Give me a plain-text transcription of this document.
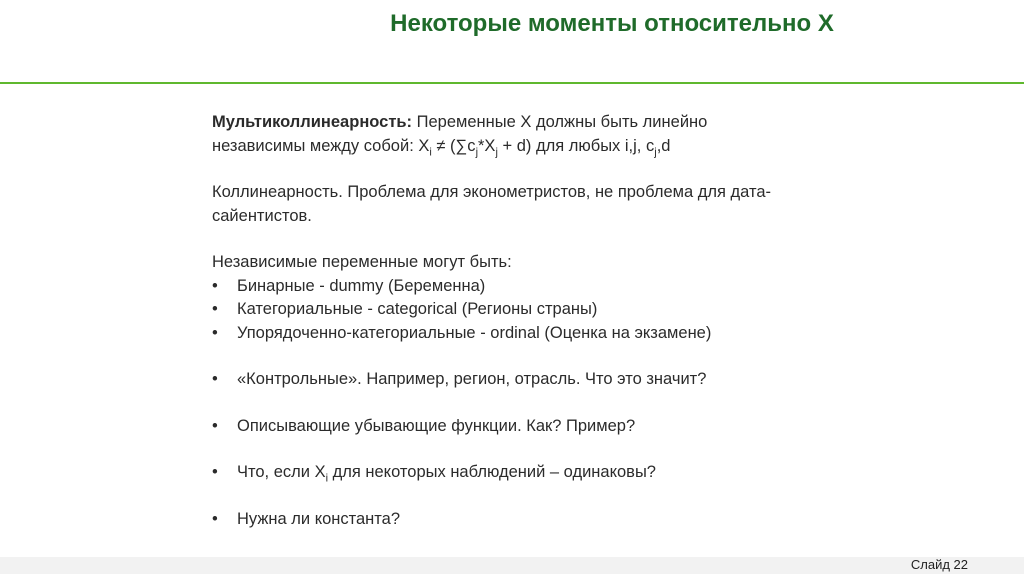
Некоторые моменты относительно X

Мультиколлинеарность: Переменные X должны быть линейно

независимы между собой: $X_i \ne (\sum c_j*X_j + d)$ для любых i,j, $c_j,d$

Коллинеарность. Проблема для эконометристов, не проблема для дата-

сайентистов.

Независимые переменные могут быть:

•	Бинарные - dummy (Беременна)
•	Категориальные - categorical (Регионы страны)
•	Упорядоченно-категориальные - ordinal (Оценка на экзамене)
•	«Контрольные». Например, регион, отрасль. Что это значит?
•	Описывающие убывающие функции. Как? Пример?
•	Что, если $X_i$ для некоторых наблюдений – одинаковы?
•	Нужна ли константа?
Слайд 22
